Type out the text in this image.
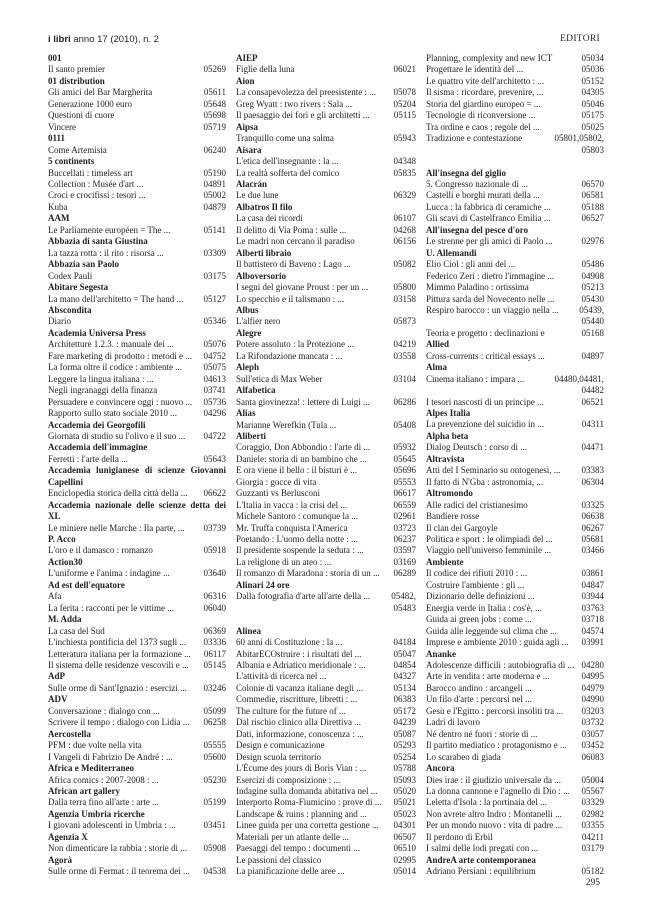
i libri anno 17 (2010), n. 2	EDITORI
001
Il santo premier	05269
01 distribution
Gli amici del Bar Margherita	05611
Generazione 1000 euro	05648
Questioni di cuore	05698
Vincere	05719
0111
Come Artemisia	06240
5 continents
Buccellati : timeless art	05190
Collection : Musée d'art ...	04891
Croci e crocifissi : tesori ...	05002
Kuba	04879
AAM
Le Parliamente européen = The ...	05141
Abbazia di santa Giustina
La tazza rotta : il rito : risorsa ...	03309
Abbazia san Paolo
Codex Pauli	03175
Abitare Segesta
La mano dell'architetto = The hand ...	05127
Abscondita
Diario	05346
Academia Universa Press
Architetture 1.2.3. : manuale dei ...	05076
Fare marketing di prodotto : metodi e ...	04752
La forma oltre il codice : ambiente ...	05075
Leggere la lingua italiana : ...	04613
Negli ingranaggi della finanza	03741
Persuadere e convincere oggi : nuovo ...	05736
Rapporto sullo stato sociale 2010 ...	04296
Accademia dei Georgofili
Giornata di studio su l'olivo e il suo ...	04722
Accademia dell'immagine
Ferretti : l'arte della ...	05643
Accademia lunigianese di scienze Giovanni Capellini
Enciclopedia storica della città della ...	06622
Accademia nazionale delle scienze detta dei XL
Le miniere nelle Marche : Ila parte, ...	03739
P. Acco
L'oro e il damasco : romanzo	05918
Action30
L'uniforme e l'anima : indagine ...	03640
Ad est dell'equatore
Afa	06316
La ferita : racconti per le vittime ...	06040
M. Adda
La casa del Sud	06369
L'inchiesta pontificia del 1373 sugli ...	03336
Letteratura italiana per la formazione ...	06117
Il sistema delle residenze vescovili e ...	05145
AdP
Sulle orme di Sant'Ignazio : esercizi ...	03246
ADV
Conversazione : dialogo con ...	05099
Scrivere il tempo : dialogo con Lidia ...	06258
Aercostella
PFM : due volte nella vita	05555
I Vangeli di Fabrizio De André : ...	05600
Africa e Mediterraneo
Africa comics : 2007-2008 : ...	05230
African art gallery
Dalla terra fino all'arte : arte ...	05199
Agenzia Umbria ricerche
I giovani adolescenti in Umbria : ...	03451
Agenzia X
Non dimenticare la rabbia : storie di ...	05908
Agorà
Sulle orme di Fermat : il teorema dei ...	04538
AIEP
Figlie della luna	06021
Aion
La consapevolezza del preesistente : ...	05078
Greg Wyatt : two rivers : Sala ...	05204
Il paesaggio dei fori e gli architetti ...	05115
Aipsa
Tranquillo come una salma	05943
Aisara
L'etica dell'insegnante : la ...	04348
La realtà sofferta del comico	05835
Alacrán
Le due lune	06329
Albatros Il filo
La casa dei ricordi	06107
Il delitto di Via Poma : sulle ...	04268
Le madri non cercano il paradiso	06156
Alberti libraio
Il battistero di Baveno : Lago ...	05082
Alboversorio
I segni del giovane Proust : per un ...	05800
Lo specchio e il talismano : ...	03158
Albus
L'alfier nero	05873
Alegre
Potere assoluto : la Protezione ...	04219
La Rifondazione mancata : ...	03558
Aleph
Sull'etica di Max Weber	03104
Alfabetica
Santa giovinezza! : lettere di Luigi ...	06286
Alias
Marianne Werefkin (Tula ...	05408
Aliberti
Coraggio, Don Abbondio : l'arte di ...	05932
Daniele: storia di un bambino che ...	05645
E ora viene il bello : il bisturi è ...	05696
Giorgia : gocce di vita	05553
Guzzanti vs Berlusconi	06617
L'Italia in vacca : la crisi del ...	06559
Michele Santoro : comunque la ...	02961
Mr. Truffa conquista l'America	03723
Poetando : L'uomo della notte : ...	06237
Il presidente sospende la seduta : ...	03597
La religione di un ateo : ...	03169
Il romanzo di Maradona : storia di un ...	06289
Alinari 24 ore
Dalla fotografia d'arte all'arte della ...	05482,
05483
Alinea
60 anni di Costituzione : la ...	04184
AbitarECOstruire : i risultati del ...	05047
Albania e Adriatico meridionale : ...	04854
L'attività di ricerca nel ...	04327
Colonie di vacanza italiane degli ...	05134
Commedie, riscritture, libretti : ...	06383
The culture for the future of ...	05172
Dal rischio clinico alla Direttiva ...	04239
Dati, informazione, conoscenza : ...	05087
Design e comunicazione	05293
Design scuola territorio	05254
L'Écume des jours di Boris Vian : ...	05788
Esercizi di composizione : ...	05093
Indagine sulla domanda abitativa nel ...	05020
Interporto Roma-Fiumicino : prove di ...	05021
Landscape & ruins : planning and ...	05023
Linee guida per una corretta gestione ...	04301
Materiali per un atlante delle ...	06507
Paesaggi del tempo : documenti ...	06510
Le passioni del classico	02995
La pianificazione delle aree ...	05014
Planning, complexity and new ICT	05034
Progettare le identità del ...	05036
Le quattro vite dell'architetto : ...	05152
Il sisma : ricordare, prevenire, ...	04305
Storia del giardino europeo = ...	05046
Tecnologie di riconversione ...	05175
Tra ordine e caos ; regole del ...	05025
Tradizione e contestazione	05801,05802,
05803
All'insegna del giglio
5. Congresso nazionale di ...	06570
Castelli e borghi murati della ...	06581
Lucca : la fabbrica di ceramiche ...	05188
Gli scavi di Castelfranco Emilia ...	06527
All'insegna del pesce d'oro
Le strenne per gli amici di Paolo ...	02976
U. Allemandi
Elio Ciol : gli anni del ...	05486
Federico Zeri : dietro l'immagine ...	04908
Mimmo Paladino : ortissima	05213
Pittura sarda del Novecento nelle ...	05430
Respiro barocco : un viaggio nella ...	05439,
05440
Teoria e progetto : declinazioni e	05168
Allied
Cross-currents : critical essays ...	04897
Alma
Cinema italiano : impara ...	04480,04481,
04482
I tesori nascosti di un principe ...	06521
Alpes Italia
La prevenzione del suicidio in ...	04311
Alpha beta
Dialog Deutsch : corso di ...	04471
Altravista
Atti del I Seminario su ontogenesi, ...	03383
Il fatto di N'Gba : astronomia, ...	06304
Altromondo
Alle radici del cristianesimo	03325
Bandiere rosse	06638
Il clan dei Gargoyle	06267
Politica e sport : le olimpiadi del ...	05681
Viaggio nell'universo femminile ...	03466
Ambiente
Il codice dei rifiuti 2010 : ...	03861
Costruire l'ambiente : gli ...	04847
Dizionario delle definizioni ...	03944
Energia verde in Italia : cos'è, ...	03763
Guida ai green jobs : come ...	03718
Guida alle leggende sul clima che ...	04574
Imprese e ambiente 2010 : guida agli ...	03991
Ananke
Adolescenze difficili : autobiografia di ... 04280
Arte in vendita : arte moderna e ...	04995
Barocco andino : arcangeli ...	04979
Un filo d'arte : percorsi nel ...	04990
Gesù e l'Egitto : percorsi insoliti tra ...	03203
Ladri di lavoro	03732
Né dentro né fuori : storie di ...	03057
Il partito mediatico : protagonismo e ...	03452
Lo scarabeo di giada	06083
Ancora
Dies irae : il giudizio universale da ...	05004
La donna cannone e l'agnello di Dio : ...	05567
Leletta d'Isola : la portinaia del ...	03329
Non avrete altro Indro : Montanelli ...	02982
Per un mondo nuovo : vita di padre ...	03355
Il perdono di Erbil	04211
I salmi delle lodi pregati con ...	03179
AndreA arte contemporanea
Adriano Persiani : equilibrium	05182
295
